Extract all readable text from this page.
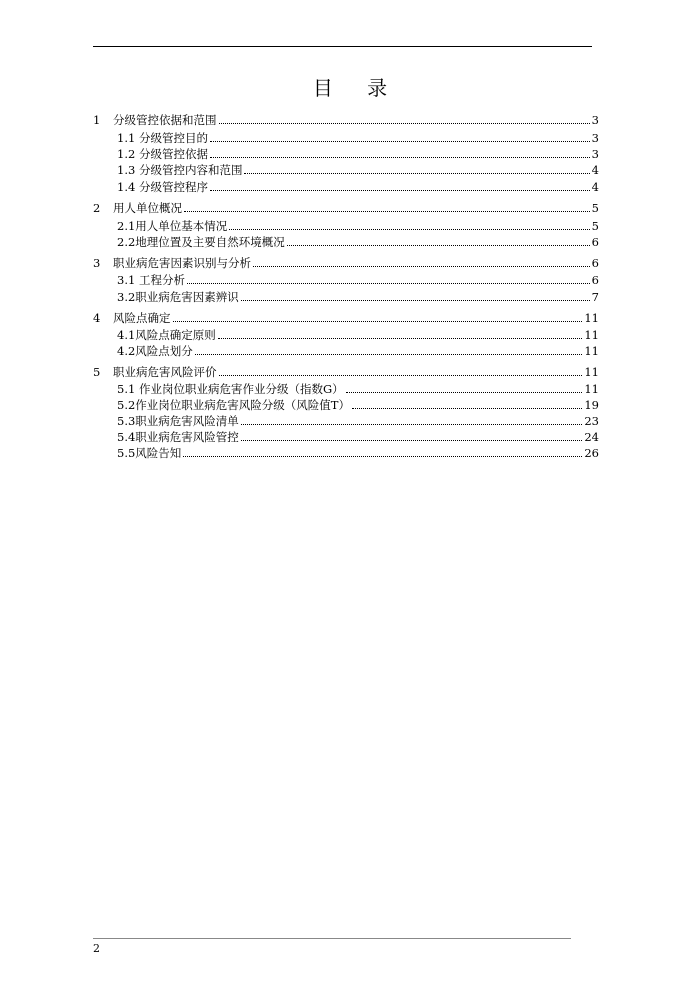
目 录
1	分级管控依据和范围	3
1.1 分级管控目的	3
1.2 分级管控依据	3
1.3 分级管控内容和范围	4
1.4 分级管控程序	4
2	用人单位概况	5
2.1用人单位基本情况	5
2.2地理位置及主要自然环境概况	6
3	职业病危害因素识别与分析	6
3.1 工程分析	6
3.2职业病危害因素辨识	7
4	风险点确定	11
4.1风险点确定原则	11
4.2风险点划分	11
5	职业病危害风险评价	11
5.1 作业岗位职业病危害作业分级（指数G）	11
5.2作业岗位职业病危害风险分级（风险值T）	19
5.3职业病危害风险清单	23
5.4职业病危害风险管控	24
5.5风险告知	26
2
